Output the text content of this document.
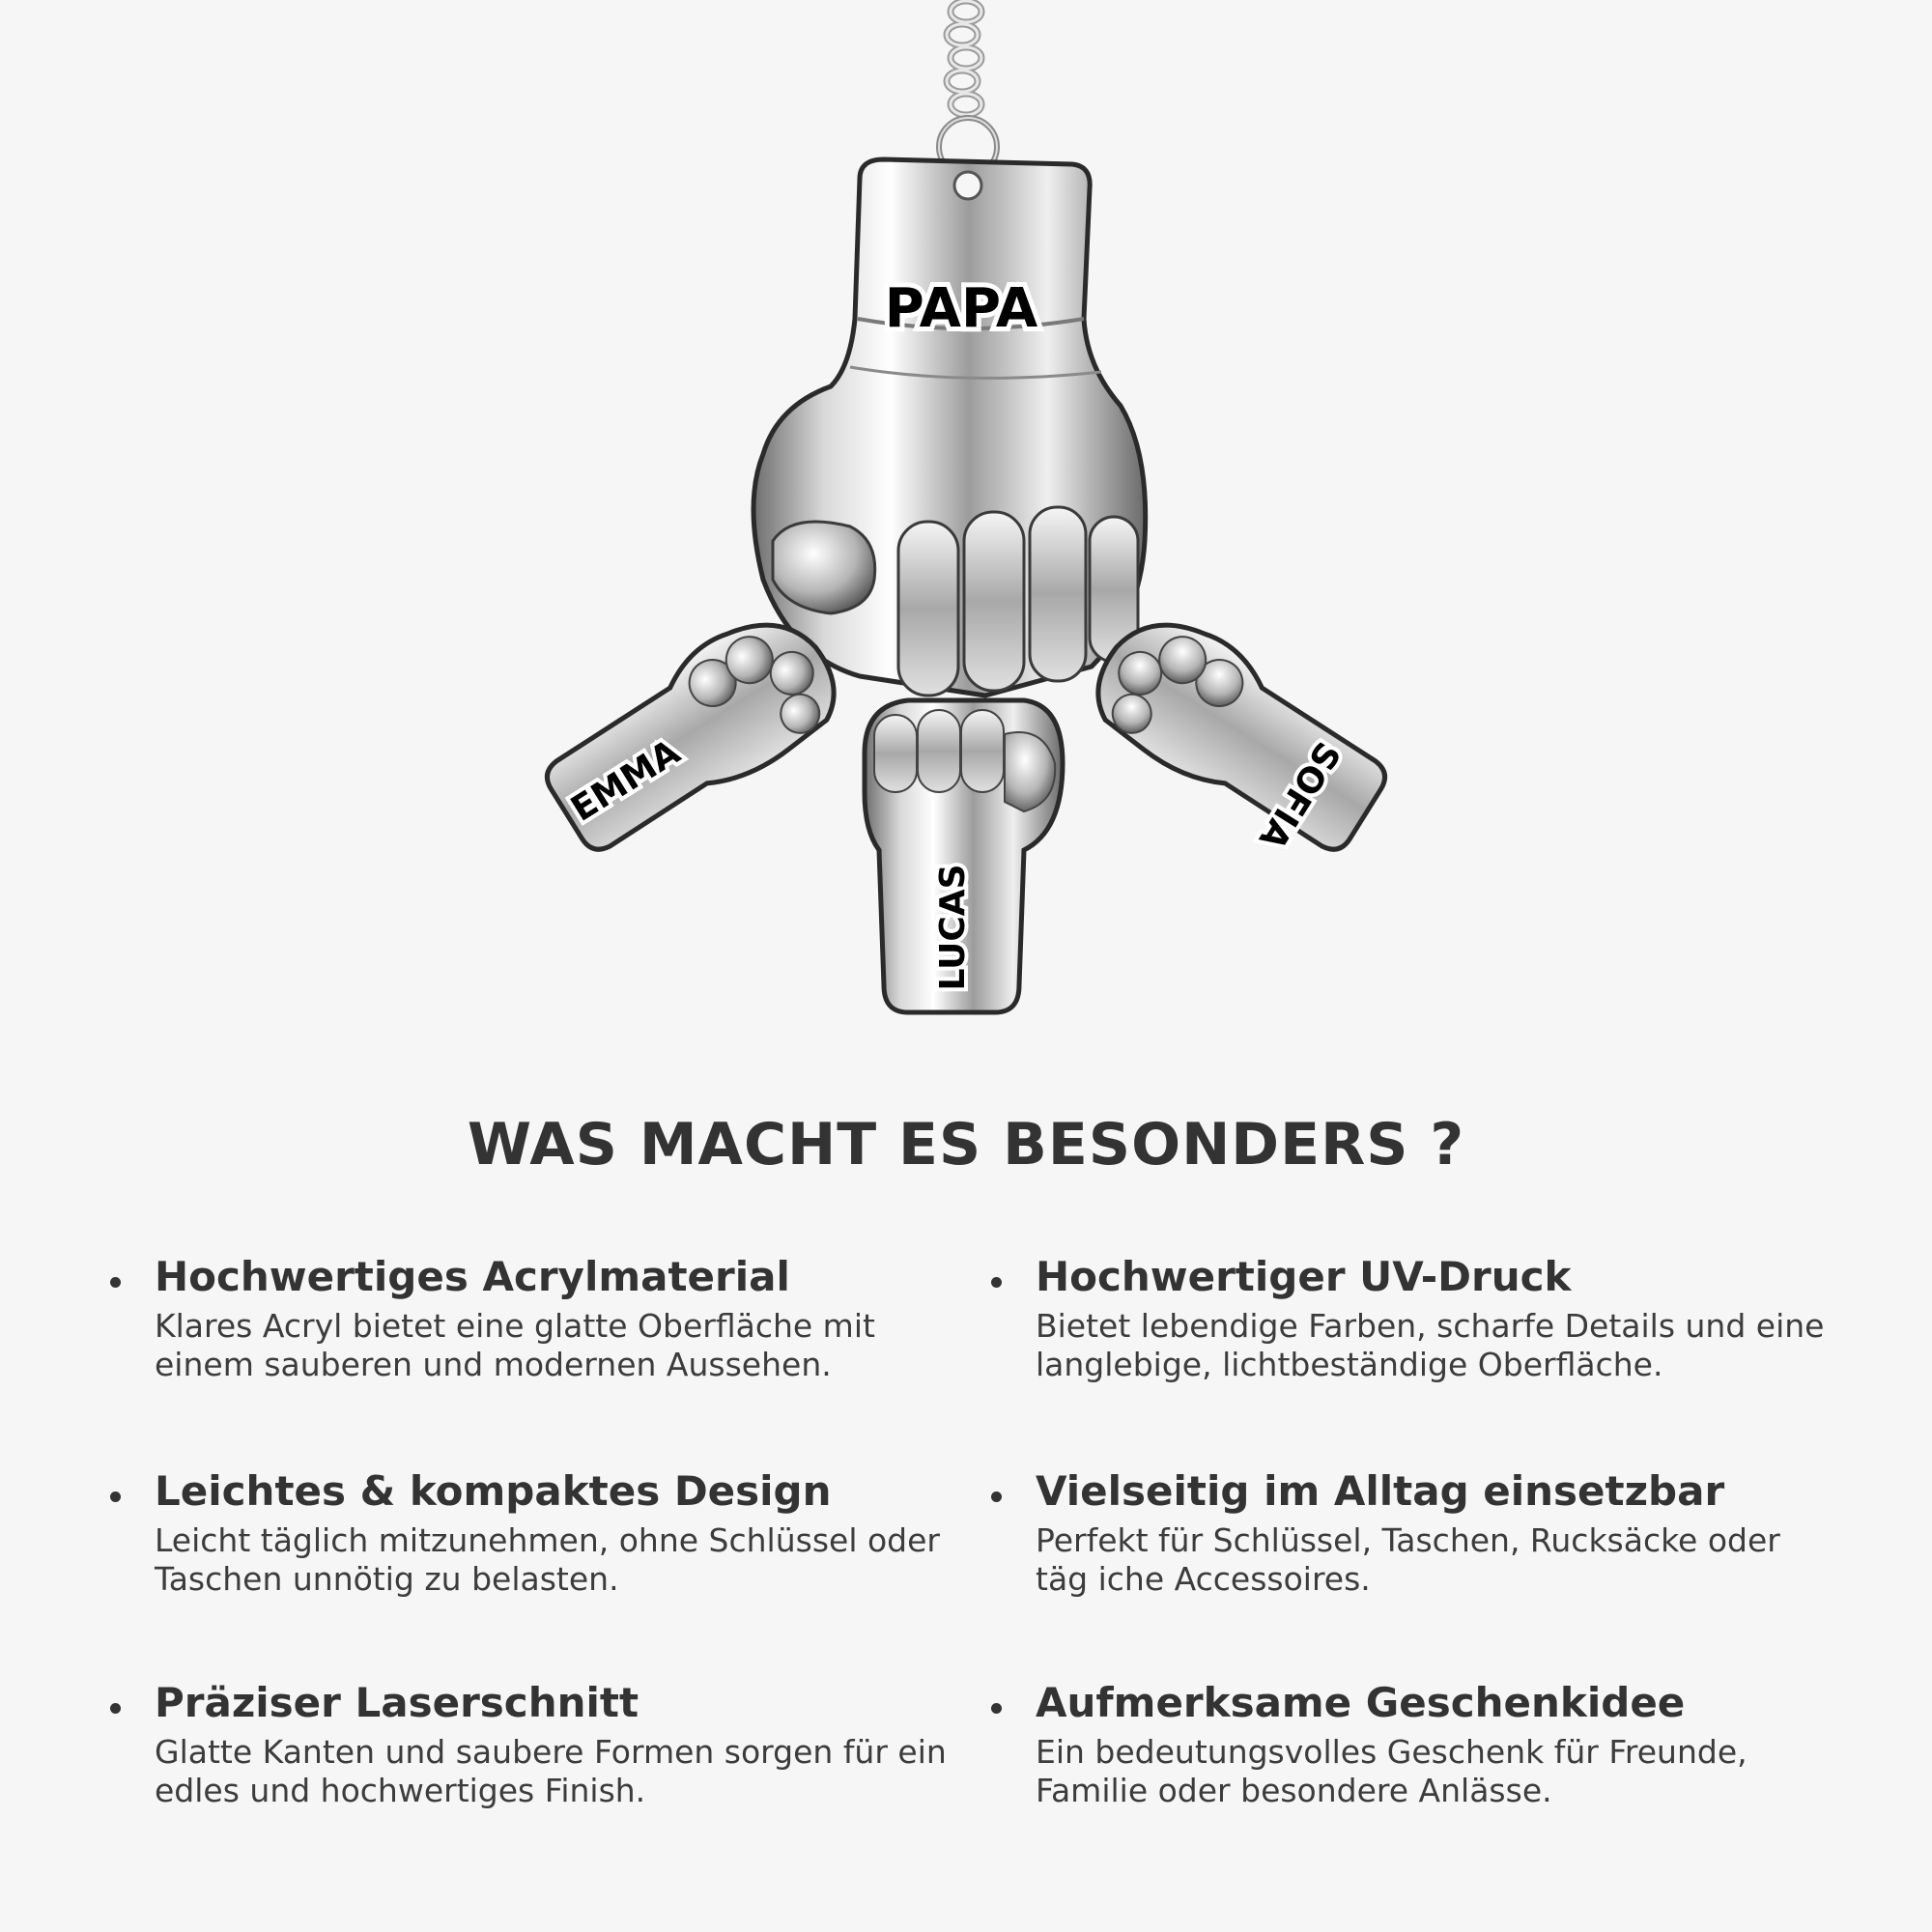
PAPA
EMMA
LUCAS
SOFIA
WAS MACHT ES BESONDERS ?
Hochwertiges Acrylmaterial
Klares Acryl bietet eine glatte Oberfläche mit einem sauberen und modernen Aussehen.
Hochwertiger UV-Druck
Bietet lebendige Farben, scharfe Details und eine langlebige, lichtbeständige Oberfläche.
Leichtes & kompaktes Design
Leicht täglich mitzunehmen, ohne Schlüssel oder Taschen unnötig zu belasten.
Vielseitig im Alltag einsetzbar
Perfekt für Schlüssel, Taschen, Rucksäcke oder täg iche Accessoires.
Präziser Laserschnitt
Glatte Kanten und saubere Formen sorgen für ein edles und hochwertiges Finish.
Aufmerksame Geschenkidee
Ein bedeutungsvolles Geschenk für Freunde, Familie oder besondere Anlässe.
